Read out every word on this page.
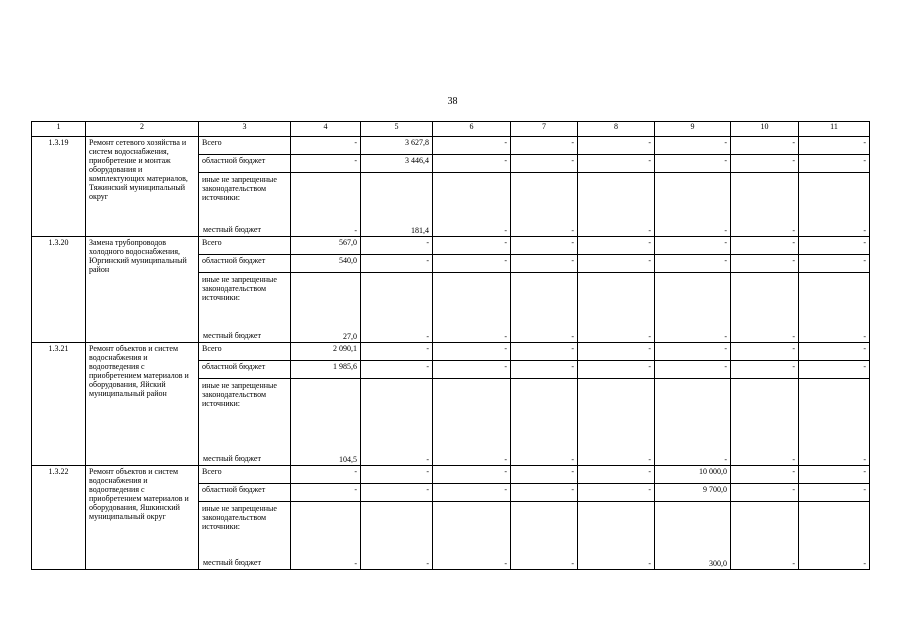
38
1	2	3	4	5	6	7	8	9	10	11
1.3.19	Ремонт сетевого хозяйства и систем водоснабжения, приобретение и монтаж оборудования и комплектующих материалов, Тяжинский муниципальный округ	Всего	-	3 627,8	-	-	-	-	-	-
		областной бюджет	-	3 446,4	-	-	-	-	-	-

		иные не запрещенные законодательством источники:
местный бюджет	-	181,4	-	-	-	-	-	-
1.3.20	Замена трубопроводов холодного водоснабжения, Юргинский муниципальный район	Всего	567,0	-	-	-	-	-	-	-
		областной бюджет	540,0	-	-	-	-	-	-	-

		иные не запрещенные законодательством источники:
местный бюджет	27,0	-	-	-	-	-	-	-
1.3.21	Ремонт объектов и систем водоснабжения и водоотведения с приобретением материалов и оборудования, Яйский муниципальный район	Всего	2 090,1	-	-	-	-	-	-	-
		областной бюджет	1 985,6	-	-	-	-	-	-	-

		иные не запрещенные законодательством источники:
местный бюджет	104,5	-	-	-	-	-	-	-
1.3.22	Ремонт объектов и систем водоснабжения и водоотведения с приобретением материалов и оборудования, Яшкинский муниципальный округ	Всего	-	-	-	-	-	10 000,0	-	-
		областной бюджет	-	-	-	-	-	9 700,0	-	-

		иные не запрещенные законодательством источники:
местный бюджет	-	-	-	-	-	300,0	-	-
